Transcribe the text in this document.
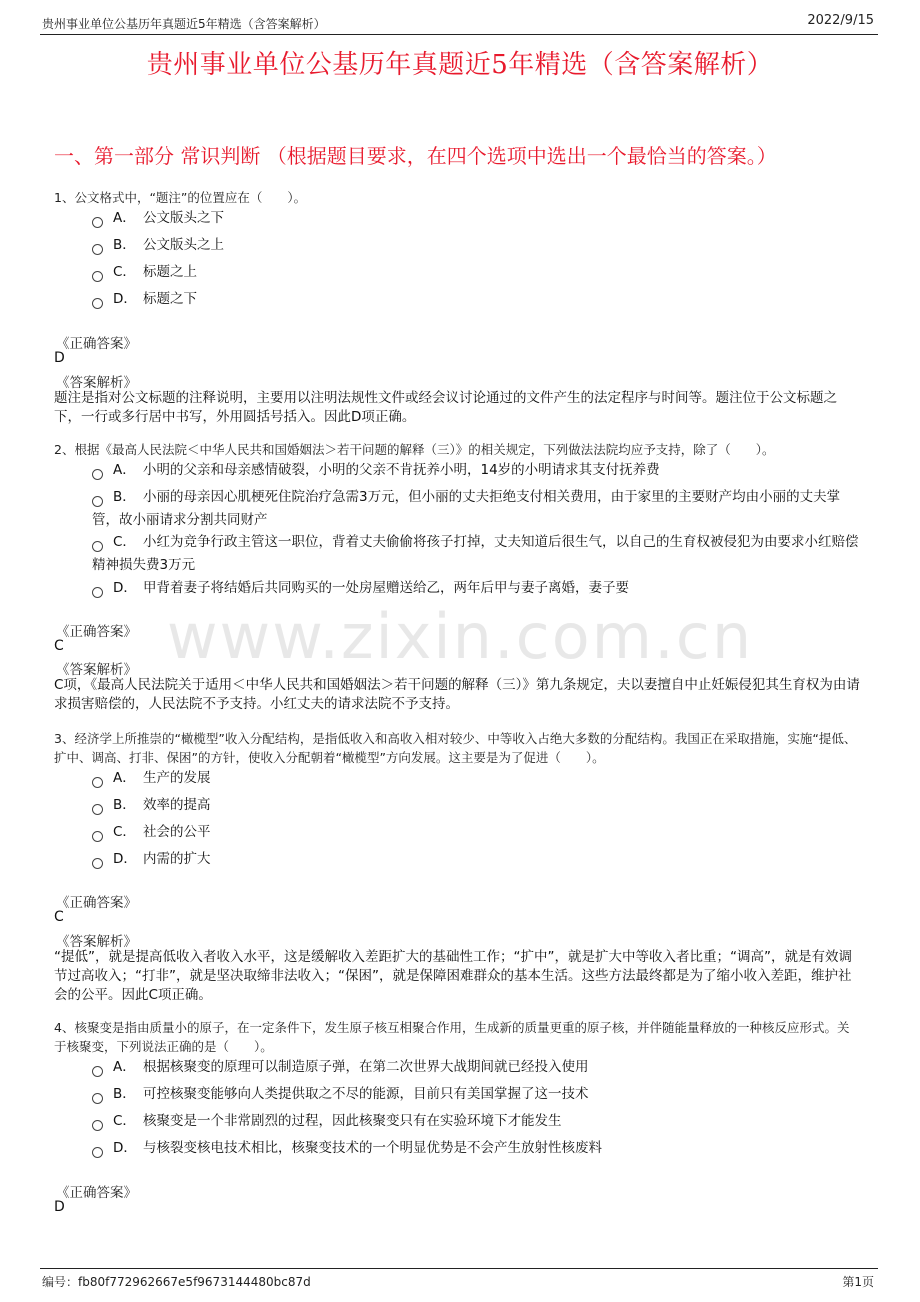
贵州事业单位公基历年真题近5年精选（含答案解析）	2022/9/15
贵州事业单位公基历年真题近5年精选（含答案解析）
一、第一部分 常识判断 （根据题目要求，在四个选项中选出一个最恰当的答案。）
www.zixin.com.cn
1、公文格式中，“题注”的位置应在（　　）。
A． 公文版头之下
B． 公文版头之上
C． 标题之上
D． 标题之下
《正确答案》
D
《答案解析》
题注是指对公文标题的注释说明，主要用以注明法规性文件或经会议讨论通过的文件产生的法定程序与时间等。题注位于公文标题之下，一行或多行居中书写，外用圆括号括入。因此D项正确。
2、根据《最高人民法院＜中华人民共和国婚姻法＞若干问题的解释（三）》的相关规定，下列做法法院均应予支持，除了（　　）。
A． 小明的父亲和母亲感情破裂，小明的父亲不肯抚养小明，14岁的小明请求其支付抚养费
B． 小丽的母亲因心肌梗死住院治疗急需3万元，但小丽的丈夫拒绝支付相关费用，由于家里的主要财产均由小丽的丈夫掌管，故小丽请求分割共同财产
C． 小红为竞争行政主管这一职位，背着丈夫偷偷将孩子打掉，丈夫知道后很生气，以自己的生育权被侵犯为由要求小红赔偿精神损失费3万元
D． 甲背着妻子将结婚后共同购买的一处房屋赠送给乙，两年后甲与妻子离婚，妻子要
《正确答案》
C
《答案解析》
C项，《最高人民法院关于适用＜中华人民共和国婚姻法＞若干问题的解释（三）》第九条规定，夫以妻擅自中止妊娠侵犯其生育权为由请求损害赔偿的，人民法院不予支持。小红丈夫的请求法院不予支持。
3、经济学上所推崇的“橄榄型”收入分配结构，是指低收入和高收入相对较少、中等收入占绝大多数的分配结构。我国正在采取措施，实施“提低、扩中、调高、打非、保困”的方针，使收入分配朝着“橄榄型”方向发展。这主要是为了促进（　　）。
A． 生产的发展
B． 效率的提高
C． 社会的公平
D． 内需的扩大
《正确答案》
C
《答案解析》
“提低”，就是提高低收入者收入水平，这是缓解收入差距扩大的基础性工作；“扩中”，就是扩大中等收入者比重；“调高”，就是有效调节过高收入；“打非”，就是坚决取缔非法收入；“保困”，就是保障困难群众的基本生活。这些方法最终都是为了缩小收入差距，维护社会的公平。因此C项正确。
4、核聚变是指由质量小的原子，在一定条件下，发生原子核互相聚合作用，生成新的质量更重的原子核，并伴随能量释放的一种核反应形式。关于核聚变，下列说法正确的是（　　）。
A． 根据核聚变的原理可以制造原子弹，在第二次世界大战期间就已经投入使用
B． 可控核聚变能够向人类提供取之不尽的能源，目前只有美国掌握了这一技术
C． 核聚变是一个非常剧烈的过程，因此核聚变只有在实验环境下才能发生
D． 与核裂变核电技术相比，核聚变技术的一个明显优势是不会产生放射性核废料
《正确答案》
D
编号：fb80f772962667e5f9673144480bc87d	第1页
